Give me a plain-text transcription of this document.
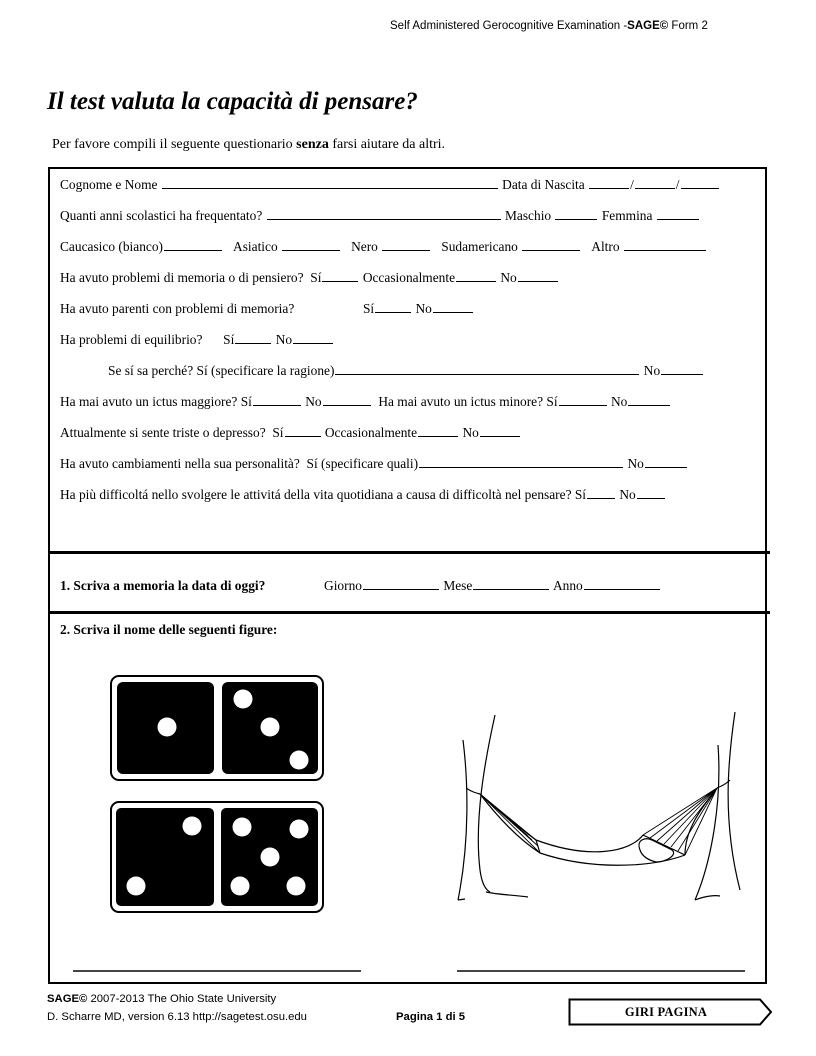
Self Administered Gerocognitive Examination -SAGE© Form 2
Il test valuta la capacità di pensare?
Per favore compili il seguente questionario senza farsi aiutare da altri.
Cognome e Nome	Data di Nascita	/	/
Quanti anni scolastici ha frequentato?	Maschio	Femmina
Caucasico (bianco)	Asiatico	Nero	Sudamericano	Altro
Ha avuto problemi di memoria o di pensiero? Sí	Occasionalmente	No
Ha avuto parenti con problemi di memoria?	Sí	No
Ha problemi di equilibrio? Sí	No
Se sí sa perché? Sí (specificare la ragione)	No
Ha mai avuto un ictus maggiore? Sí	No	Ha mai avuto un ictus minore? Sí	No
Attualmente si sente triste o depresso? Sí	Occasionalmente	No
Ha avuto cambiamenti nella sua personalità? Sí (specificare quali)	No
Ha più difficoltá nello svolgere le attivitá della vita quotidiana a causa di difficoltà nel pensare? Sí No
1. Scriva a memoria la data di oggi?	Giorno	Mese	Anno
2. Scriva il nome delle seguenti figure:
SAGE© 2007-2013 The Ohio State University
D. Scharre MD, version 6.13 http://sagetest.osu.edu	Pagina 1 di 5	GIRI PAGINA
